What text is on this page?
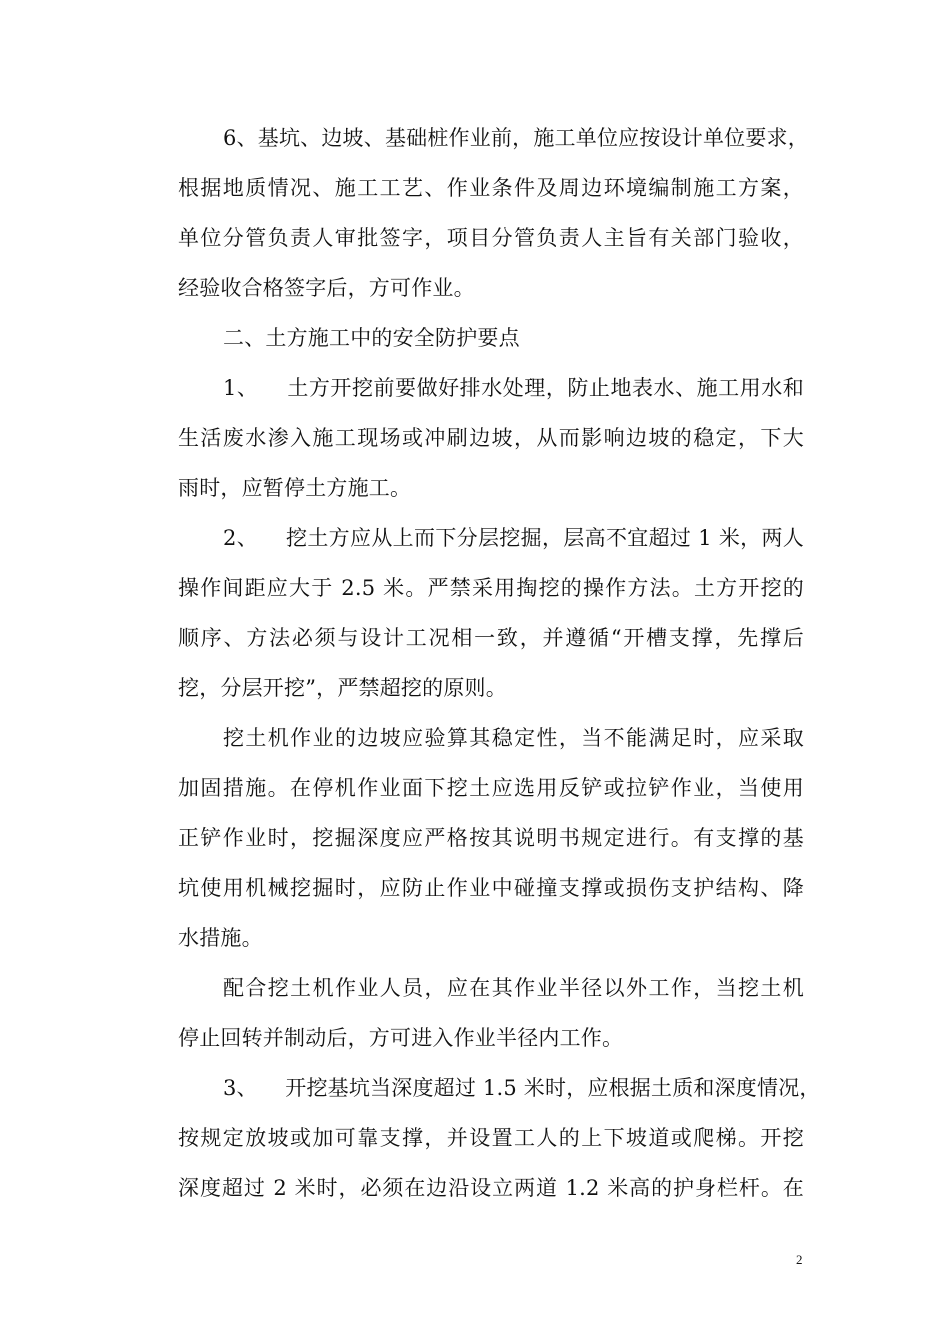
6、基坑、边坡、基础桩作业前，施工单位应按设计单位要求，
根据地质情况、施工工艺、作业条件及周边环境编制施工方案，
单位分管负责人审批签字，项目分管负责人主旨有关部门验收，
经验收合格签字后，方可作业。
二、土方施工中的安全防护要点
1、    土方开挖前要做好排水处理，防止地表水、施工用水和
生活废水渗入施工现场或冲刷边坡，从而影响边坡的稳定，下大
雨时，应暂停土方施工。
2、    挖土方应从上而下分层挖掘，层高不宜超过 1 米，两人
操作间距应大于 2.5 米。严禁采用掏挖的操作方法。土方开挖的
顺序、方法必须与设计工况相一致，并遵循“开槽支撑，先撑后
挖，分层开挖”，严禁超挖的原则。
挖土机作业的边坡应验算其稳定性，当不能满足时，应采取
加固措施。在停机作业面下挖土应选用反铲或拉铲作业，当使用
正铲作业时，挖掘深度应严格按其说明书规定进行。有支撑的基
坑使用机械挖掘时，应防止作业中碰撞支撑或损伤支护结构、降
水措施。
配合挖土机作业人员，应在其作业半径以外工作，当挖土机
停止回转并制动后，方可进入作业半径内工作。
3、    开挖基坑当深度超过 1.5 米时，应根据土质和深度情况，
按规定放坡或加可靠支撑，并设置工人的上下坡道或爬梯。开挖
深度超过 2 米时，必须在边沿设立两道 1.2 米高的护身栏杆。在
2
